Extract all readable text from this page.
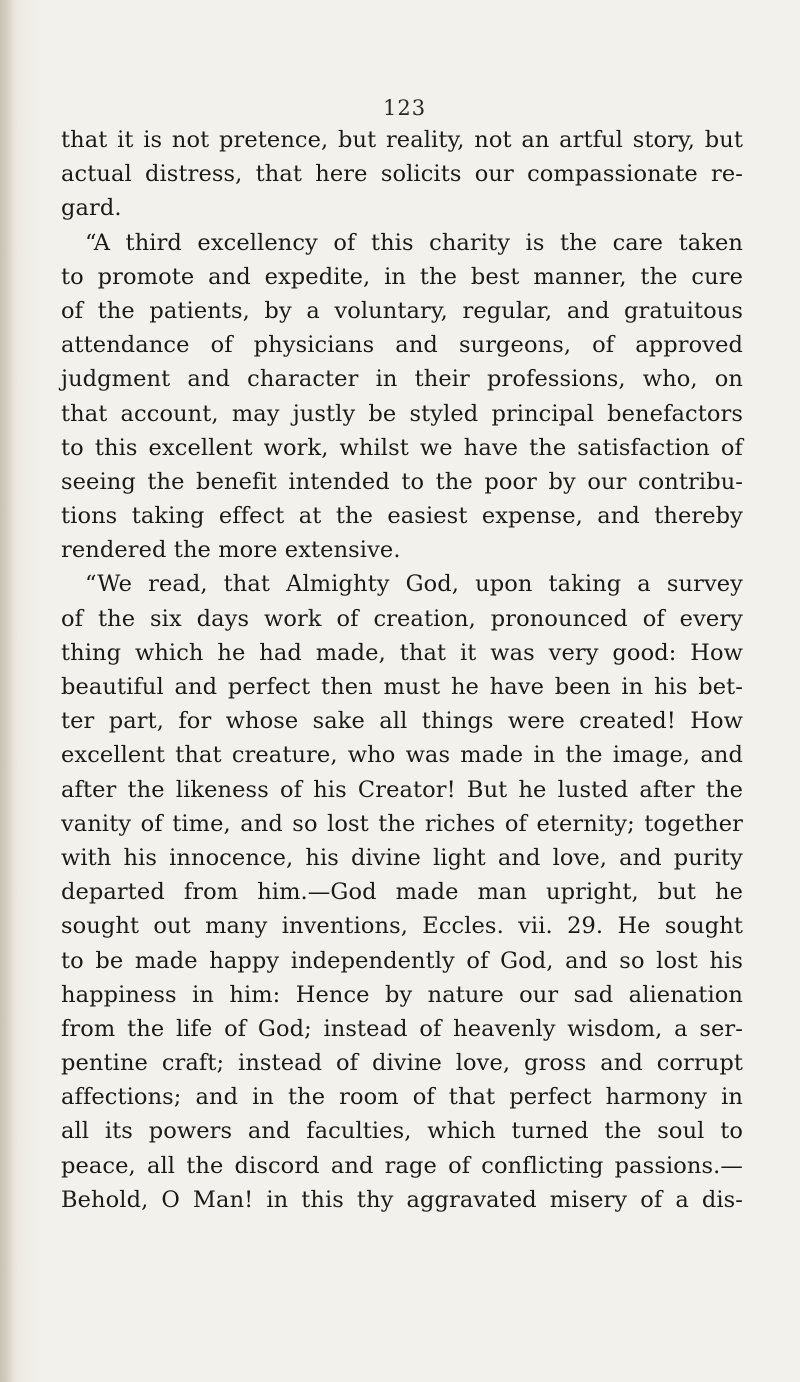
123
that it is not pretence, but reality, not an artful story, but
actual distress, that here solicits our compassionate re-
gard.
“A third excellency of this charity is the care taken
to promote and expedite, in the best manner, the cure
of the patients, by a voluntary, regular, and gratuitous
attendance of physicians and surgeons, of approved
judgment and character in their professions, who, on
that account, may justly be styled principal benefactors
to this excellent work, whilst we have the satisfaction of
seeing the benefit intended to the poor by our contribu-
tions taking effect at the easiest expense, and thereby
rendered the more extensive.
“We read, that Almighty God, upon taking a survey
of the six days work of creation, pronounced of every
thing which he had made, that it was very good: How
beautiful and perfect then must he have been in his bet-
ter part, for whose sake all things were created! How
excellent that creature, who was made in the image, and
after the likeness of his Creator! But he lusted after the
vanity of time, and so lost the riches of eternity; together
with his innocence, his divine light and love, and purity
departed from him.—God made man upright, but he
sought out many inventions, Eccles. vii. 29. He sought
to be made happy independently of God, and so lost his
happiness in him: Hence by nature our sad alienation
from the life of God; instead of heavenly wisdom, a ser-
pentine craft; instead of divine love, gross and corrupt
affections; and in the room of that perfect harmony in
all its powers and faculties, which turned the soul to
peace, all the discord and rage of conflicting passions.—
Behold, O Man! in this thy aggravated misery of a dis-
